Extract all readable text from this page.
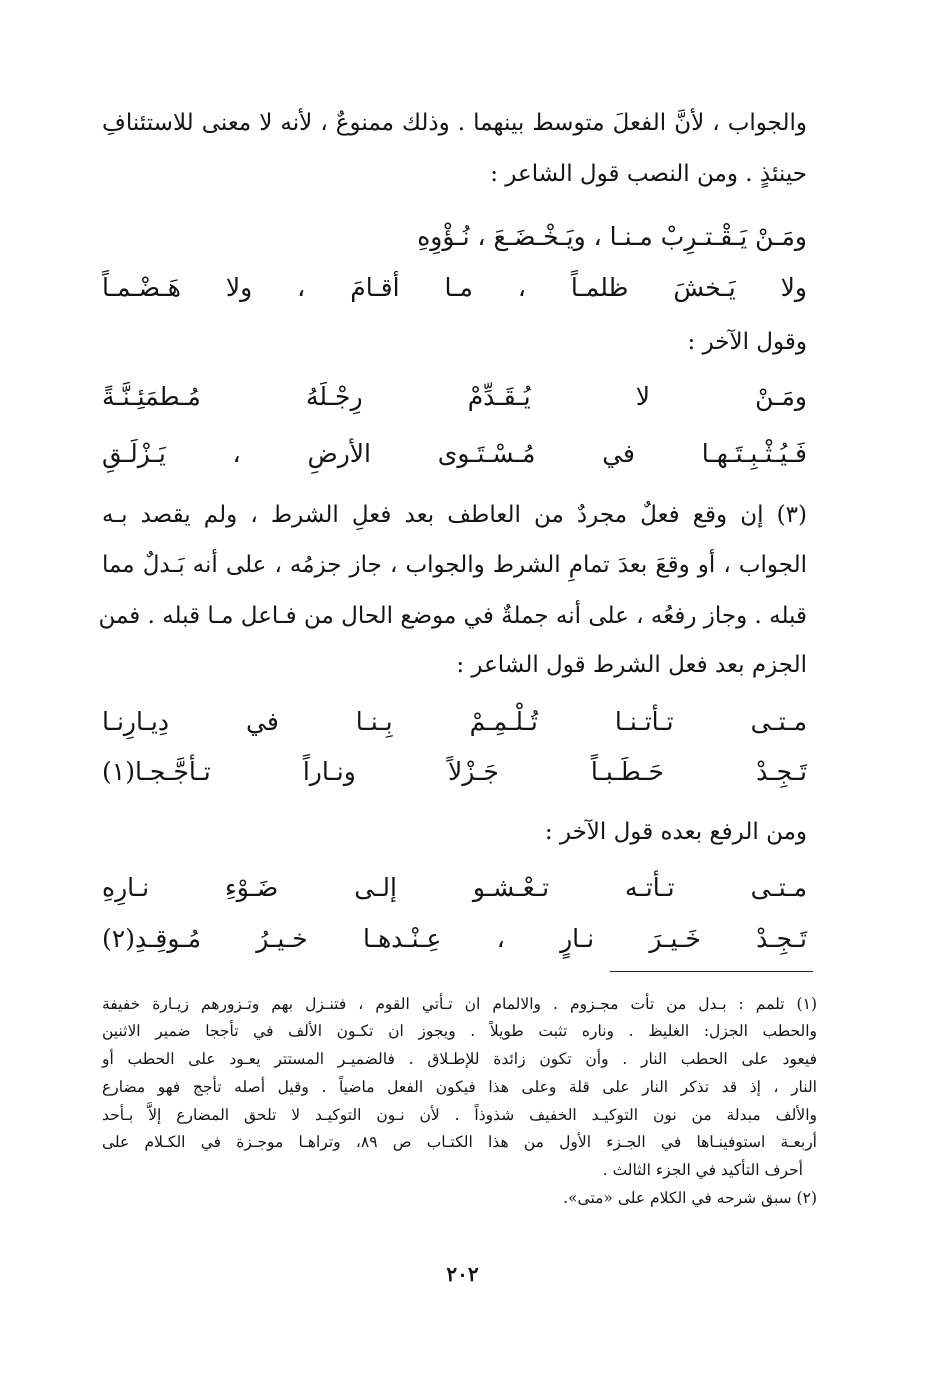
والجواب ، لأنَّ الفعلَ متوسط بينهما . وذلك ممنوعٌ ، لأنه لا معنى للاستئنافِ
حينئذٍ . ومن النصب قول الشاعر :
ومَـنْ يَـقْـتـرِبْ مـنـا ، ويَـخْـضَـعَ ، نُـؤْوِهِ
ولا يَـخشَ ظلمـاً ، مـا أقـامَ ، ولا هَـضْـمـاً
وقول الآخر :
ومَـنْ لا يُـقَـدِّمْ رِجْـلَهُ مُـطمَئِـنَّـةً
فَـيُـثْـبِـتَـهـا في مُـسْـتَـوى الأرضِ ، يَـزْلَـقِ
(٣) إن وقع فعلٌ مجردٌ من العاطف بعد فعلِ الشرط ، ولم يقصد بـه
الجواب ، أو وقعَ بعدَ تمامِ الشرط والجواب ، جاز جزمُه ، على أنه بَـدلٌ مما
قبله . وجاز رفعُه ، على أنه جملةٌ في موضع الحال من فـاعل مـا قبله . فمن
الجزم بعد فعل الشرط قول الشاعر :
مـتـى تـأتـنـا تُـلْـمِـمْ بِـنـا في دِيـارِنـا
تَـجِـدْ حَـطَـبـاً جَـزْلاً ونـاراً تـأجَّـجـا(١)
ومن الرفع بعده قول الآخر :
مـتـى تـأتـه تـعْـشـو إلـى ضَـوْءِ نـارِهِ
تَـجِـدْ خَـيـرَ نـارٍ ، عِـنْـدهـا خـيـرُ مُـوقِـدِ(٢)
(١) تلمم : بـدل من تأت مجـزوم . والالمام ان تـأتي القوم ، فتنـزل بهم وتـزورهم زيـارة خفيفة
والحطب الجزل: الغليظ . وناره تثبت طويلاً . ويجوز ان تكـون الألف في تأججا ضمير الاثنين
فيعود على الحطب النار . وأن تكون زائدة للإطـلاق . فالضميـر المستتر يعـود على الحطب أو
النار ، إذ قد تذكر النار على قلة وعلى هذا فيكون الفعل ماضياً . وقيل أصله تأجج فهو مضارع
والألف مبدلة من نون التوكيـد الخفيف شذوذاً . لأن نـون التوكيـد لا تلحق المضارع إلاَّ بـأحد
أربعـة استوفينـاها في الجـزء الأول من هذا الكتـاب ص ٨٩، وتراهـا موجـزة في الكـلام على
أحرف التأكيد في الجزء الثالث .
(٢) سبق شرحه في الكلام على «متى».
٢٠٢
